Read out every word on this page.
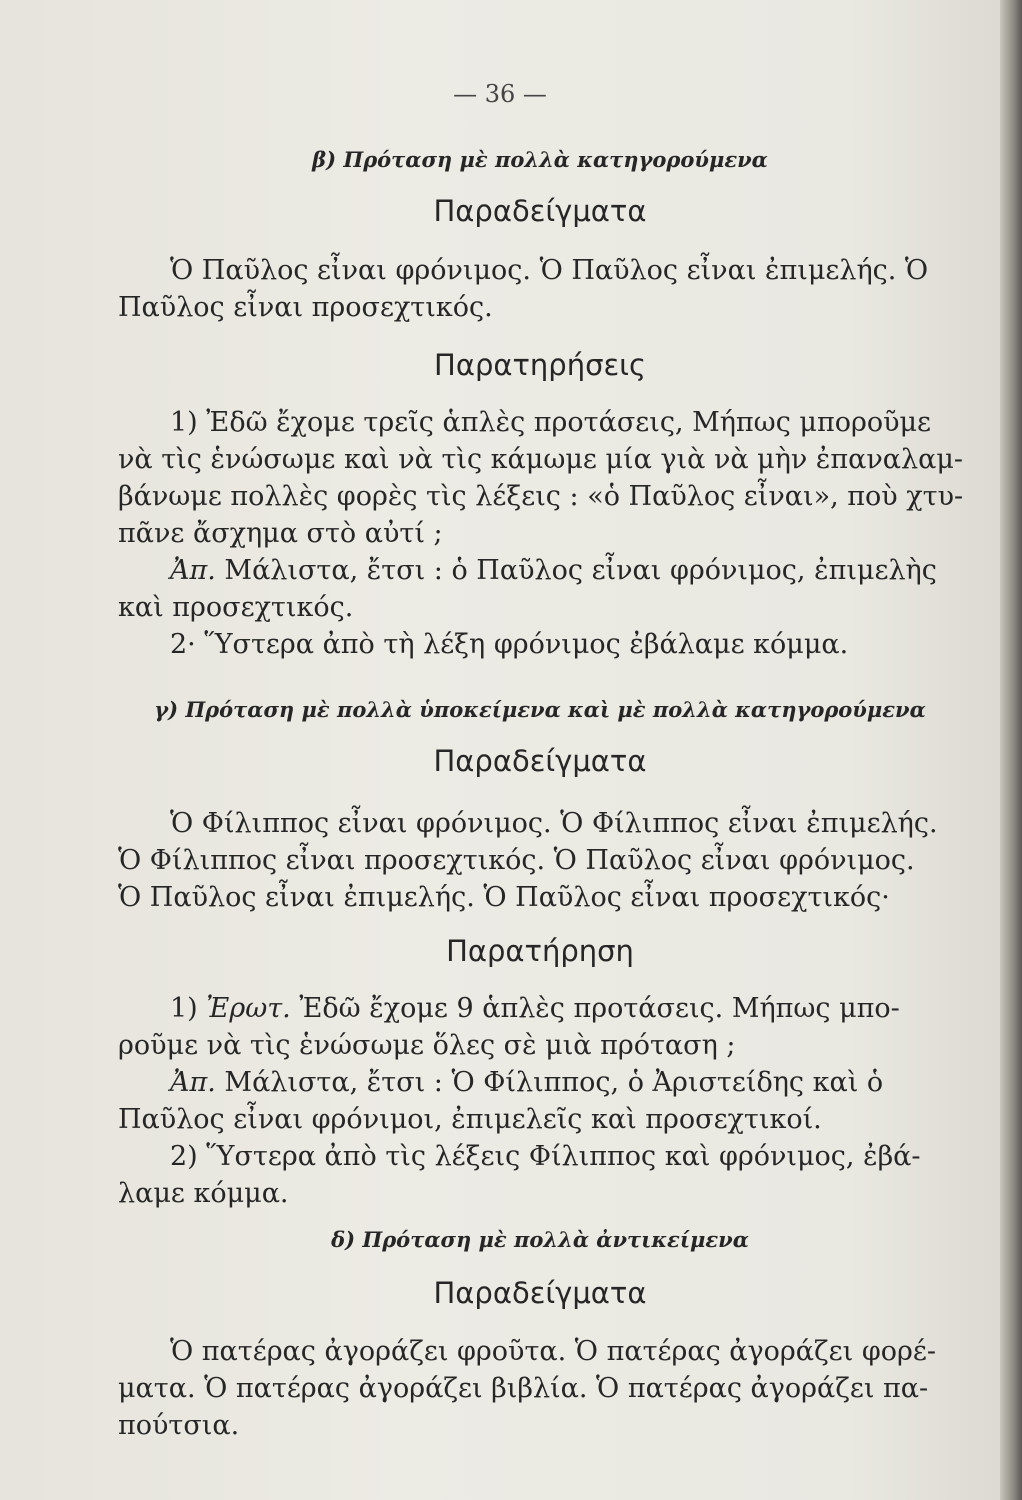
— 36 —
β) Πρόταση μὲ πολλὰ κατηγορούμενα
Παραδείγματα
Ὁ Παῦλος εἶναι φρόνιμος. Ὁ Παῦλος εἶναι ἐπιμελής. Ὁ
Παῦλος εἶναι προσεχτικός.
Παρατηρήσεις
1) Ἐδῶ ἔχομε τρεῖς ἁπλὲς προτάσεις, Μήπως μποροῦμε
νὰ τὶς ἑνώσωμε καὶ νὰ τὶς κάμωμε μία γιὰ νὰ μὴν ἐπαναλαμ-
βάνωμε πολλὲς φορὲς τὶς λέξεις : «ὁ Παῦλος εἶναι», ποὺ χτυ-
πᾶνε ἄσχημα στὸ αὐτί ;
Ἀπ. Μάλιστα, ἔτσι : ὁ Παῦλος εἶναι φρόνιμος, ἐπιμελὴς
καὶ προσεχτικός.
2· Ὕστερα ἀπὸ τὴ λέξη φρόνιμος ἐβάλαμε κόμμα.
γ) Πρόταση μὲ πολλὰ ὑποκείμενα καὶ μὲ πολλὰ κατηγορούμενα
Παραδείγματα
Ὁ Φίλιππος εἶναι φρόνιμος. Ὁ Φίλιππος εἶναι ἐπιμελής.
Ὁ Φίλιππος εἶναι προσεχτικός. Ὁ Παῦλος εἶναι φρόνιμος.
Ὁ Παῦλος εἶναι ἐπιμελής. Ὁ Παῦλος εἶναι προσεχτικός·
Παρατήρηση
1) Ἐρωτ. Ἐδῶ ἔχομε 9 ἁπλὲς προτάσεις. Μήπως μπο-
ροῦμε νὰ τὶς ἑνώσωμε ὅλες σὲ μιὰ πρόταση ;
Ἀπ. Μάλιστα, ἔτσι : Ὁ Φίλιππος, ὁ Ἀριστείδης καὶ ὁ
Παῦλος εἶναι φρόνιμοι, ἐπιμελεῖς καὶ προσεχτικοί.
2) Ὕστερα ἀπὸ τὶς λέξεις Φίλιππος καὶ φρόνιμος, ἐβά-
λαμε κόμμα.
δ) Πρόταση μὲ πολλὰ ἀντικείμενα
Παραδείγματα
Ὁ πατέρας ἀγοράζει φροῦτα. Ὁ πατέρας ἀγοράζει φορέ-
ματα. Ὁ πατέρας ἀγοράζει βιβλία. Ὁ πατέρας ἀγοράζει πα-
πούτσια.
